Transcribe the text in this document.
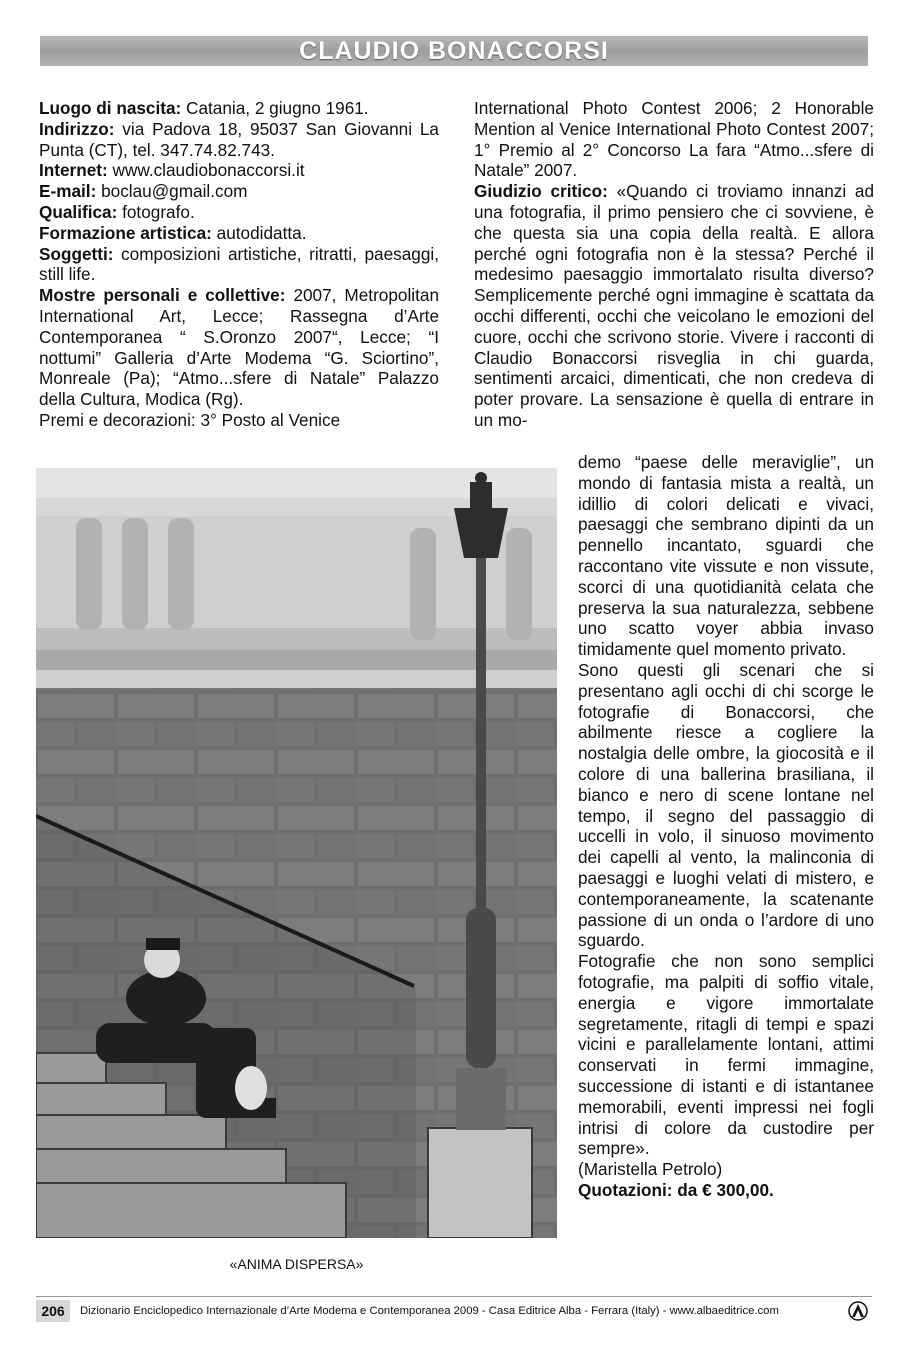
CLAUDIO BONACCORSI
Luogo di nascita: Catania, 2 giugno 1961.
Indirizzo: via Padova 18, 95037 San Giovanni La Punta (CT), tel. 347.74.82.743.
Internet: www.claudiobonaccorsi.it
E-mail: boclau@gmail.com
Qualifica: fotografo.
Formazione artistica: autodidatta.
Soggetti: composizioni artistiche, ritratti, paesaggi, still life.
Mostre personali e collettive: 2007, Metropolitan International Art, Lecce; Rassegna d’Arte Contemporanea “ S.Oronzo 2007“, Lecce; “I nottumi” Galleria d’Arte Modema “G. Sciortino”, Monreale (Pa); “Atmo...sfere di Natale” Palazzo della Cultura, Modica (Rg).
Premi e decorazioni: 3° Posto al Venice
International Photo Contest 2006; 2 Honorable Mention al Venice International Photo Contest 2007; 1° Premio al 2° Concorso La fara “Atmo...sfere di Natale” 2007.
Giudizio critico: «Quando ci troviamo innanzi ad una fotografia, il primo pensiero che ci sovviene, è che questa sia una copia della realtà. E allora perché ogni fotografia non è la stessa? Perché il medesimo paesaggio immortalato risulta diverso? Semplicemente perché ogni immagine è scattata da occhi differenti, occhi che veicolano le emozioni del cuore, occhi che scrivono storie. Vivere i racconti di Claudio Bonaccorsi risveglia in chi guarda, sentimenti arcaici, dimenticati, che non credeva di poter provare. La sensazione è quella di entrare in un mo-
«ANIMA DISPERSA»
demo “paese delle meraviglie”, un mondo di fantasia mista a realtà, un idillio di colori delicati e vivaci, paesaggi che sembrano dipinti da un pennello incantato, sguardi che raccontano vite vissute e non vissute, scorci di una quotidianità celata che preserva la sua naturalezza, sebbene uno scatto voyer abbia invaso timidamente quel momento privato.
Sono questi gli scenari che si presentano agli occhi di chi scorge le fotografie di Bonaccorsi, che abilmente riesce a cogliere la nostalgia delle ombre, la giocosità e il colore di una ballerina brasiliana, il bianco e nero di scene lontane nel tempo, il segno del passaggio di uccelli in volo, il sinuoso movimento dei capelli al vento, la malinconia di paesaggi e luoghi velati di mistero, e contemporaneamente, la scatenante passione di un onda o l’ardore di uno sguardo.
Fotografie che non sono semplici fotografie, ma palpiti di soffio vitale, energia e vigore immortalate segretamente, ritagli di tempi e spazi vicini e parallelamente lontani, attimi conservati in fermi immagine, successione di istanti e di istantanee memorabili, eventi impressi nei fogli intrisi di colore da custodire per sempre».
(Maristella Petrolo)
Quotazioni: da € 300,00.
206	Dizionario Enciclopedico Internazionale d’Arte Modema e Contemporanea 2009 - Casa Editrice Alba - Ferrara (Italy) - www.albaeditrice.com
